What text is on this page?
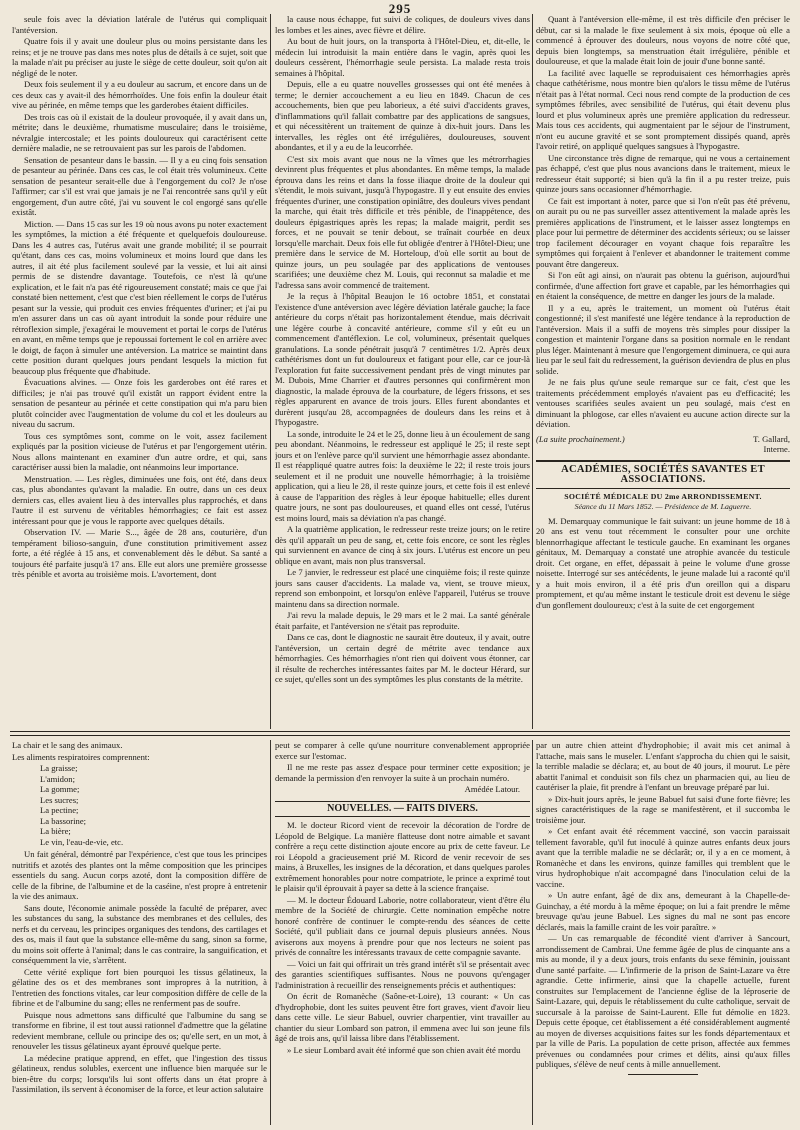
295

seule fois avec la déviation latérale de l'utérus qui compliquait l'antéversion.

Quatre fois il y avait une douleur plus ou moins persistante dans les reins; et je ne trouve pas dans mes notes plus de détails à ce sujet, soit que la malade n'ait pu préciser au juste le siège de cette douleur, soit qu'on ait négligé de le noter.

Deux fois seulement il y a eu douleur au sacrum, et encore dans un de ces deux cas y avait-il des hémorrhoïdes. Une fois enfin la douleur était vive au périnée, en même temps que les garderobes étaient difficiles.

Des trois cas où il existait de la douleur provoquée, il y avait dans un, métrite; dans le deuxième, rhumatisme musculaire; dans le troisième, névralgie intercostale; et les points douloureux qui caractérisent cette dernière maladie, ne se retrouvaient pas sur les parois de l'abdomen.

Sensation de pesanteur dans le bassin. — Il y a eu cinq fois sensation de pesanteur au périnée. Dans ces cas, le col était très volumineux. Cette sensation de pesanteur serait-elle due à l'engorgement du col? Je n'ose l'affirmer; car s'il est vrai que jamais je ne l'ai rencontrée sans qu'il y eût engorgement, d'un autre côté, j'ai vu souvent le col engorgé sans qu'elle existât.

Miction. — Dans 15 cas sur les 19 où nous avons pu noter exactement les symptômes, la miction a été fréquente et quelquefois douloureuse. Dans les 4 autres cas, l'utérus avait une grande mobilité; il se pourrait qu'étant, dans ces cas, moins volumineux et moins lourd que dans les autres, il ait été plus facilement soulevé par la vessie, et lui ait ainsi permis de se distendre davantage. Toutefois, ce n'est là qu'une explication, et le fait n'a pas été rigoureusement constaté; mais ce que j'ai constaté bien nettement, c'est que c'est bien réellement le corps de l'utérus pesant sur la vessie, qui produit ces envies fréquentes d'uriner; et j'ai pu m'en assurer dans un cas où ayant introduit la sonde pour réduire une rétroflexion simple, j'exagérai le mouvement et portai le corps de l'utérus en avant, en même temps que je repoussai fortement le col en arrière avec le doigt, de façon à simuler une antéversion. La matrice se maintint dans cette position durant quelques jours pendant lesquels la miction fut beaucoup plus fréquente que d'habitude.

Évacuations alvines. — Onze fois les garderobes ont été rares et difficiles; je n'ai pas trouvé qu'il existât un rapport évident entre la sensation de pesanteur au périnée et cette constipation qui m'a paru bien plutôt coïncider avec l'augmentation de volume du col et les douleurs au niveau du sacrum.

Tous ces symptômes sont, comme on le voit, assez facilement expliqués par la position vicieuse de l'utérus et par l'engorgement utérin. Nous allons maintenant en examiner d'un autre ordre, et qui, sans caractériser aussi bien la maladie, ont néanmoins leur importance.

Menstruation. — Les règles, diminuées une fois, ont été, dans deux cas, plus abondantes qu'avant la maladie. En outre, dans un ces deux derniers cas, elles avaient lieu à des intervalles plus rapprochés, et dans l'autre il est survenu de véritables hémorrhagies; ce fait est assez intéressant pour que je vous le rapporte avec quelques détails.

Observation IV. — Marie S..., âgée de 28 ans, couturière, d'un tempérament bilioso-sanguin, d'une constitution primitivement assez forte, a été réglée à 15 ans, et convenablement dès le début. Sa santé a toujours été parfaite jusqu'à 17 ans. Elle eut alors une première grossesse très pénible et avorta au troisième mois. L'avortement, dont

la cause nous échappe, fut suivi de coliques, de douleurs vives dans les lombes et les aines, avec fièvre et délire.

Au bout de huit jours, on la transporta à l'Hôtel-Dieu, et, dit-elle, le médecin lui introduisit la main entière dans le vagin, après quoi les douleurs cessèrent, l'hémorrhagie seule persista. La malade resta trois semaines à l'hôpital.

Depuis, elle a eu quatre nouvelles grossesses qui ont été menées à terme; le dernier accouchement a eu lieu en 1849. Chacun de ces accouchements, bien que peu laborieux, a été suivi d'accidents graves, d'inflammations qu'il fallait combattre par des applications de sangsues, et qui nécessitèrent un traitement de quinze à dix-huit jours. Dans les intervalles, les règles ont été irrégulières, douloureuses, souvent abondantes, et il y a eu de la leucorrhée.

C'est six mois avant que nous ne la vîmes que les métrorrhagies devinrent plus fréquentes et plus abondantes. En même temps, la malade éprouva dans les reins et dans la fosse iliaque droite de la douleur qui s'étendit, le mois suivant, jusqu'à l'hypogastre. Il y eut ensuite des envies fréquentes d'uriner, une constipation opiniâtre, des douleurs vives pendant la marche, qui était très difficile et très pénible, de l'inappétence, des douleurs épigastriques après les repas; la malade maigrit, perdit ses forces, et ne pouvait se tenir debout, se traînait courbée en deux lorsqu'elle marchait. Deux fois elle fut obligée d'entrer à l'Hôtel-Dieu; une première dans le service de M. Horteloup, d'où elle sortit au bout de quinze jours, un peu soulagée par des applications de ventouses scarifiées; une deuxième chez M. Louis, qui reconnut sa maladie et me l'adressa sans avoir commencé de traitement.

Je la reçus à l'hôpital Beaujon le 16 octobre 1851, et constatai l'existence d'une antéversion avec légère déviation latérale gauche; la face antérieure du corps n'était pas horizontalement étendue, mais décrivait une légère courbe à concavité antérieure, comme s'il y eût eu un commencement d'antéflexion. Le col, volumineux, présentait quelques granulations. La sonde pénétrait jusqu'à 7 centimètres 1/2. Après deux cathétérismes dont un fut douloureux et fatigant pour elle, car ce jour-là l'exploration fut faite successivement pendant près de vingt minutes par M. Dubois, Mme Charrier et d'autres personnes qui confirmèrent mon diagnostic, la malade éprouva de la courbature, de légers frissons, et ses règles apparurent en avance de trois jours. Elles furent abondantes et durèrent jusqu'au 28, accompagnées de douleurs dans les reins et à l'hypogastre.

La sonde, introduite le 24 et le 25, donne lieu à un écoulement de sang peu abondant. Néanmoins, le redresseur est appliqué le 25; il reste sept jours et on l'enlève parce qu'il survient une hémorrhagie assez abondante. Il est réappliqué quatre autres fois: la deuxième le 22; il reste trois jours seulement et il ne produit une nouvelle hémorrhagie; à la troisième application, qui a lieu le 28, il reste quinze jours, et cette fois il est enlevé à cause de l'apparition des règles à leur époque habituelle; elles durent quatre jours, ne sont pas douloureuses, et quand elles ont cessé, l'utérus est moins lourd, mais sa déviation n'a pas changé.

A la quatrième application, le redresseur reste treize jours; on le retire dès qu'il apparaît un peu de sang, et, cette fois encore, ce sont les règles qui surviennent en avance de cinq à six jours. L'utérus est encore un peu oblique en avant, mais non plus transversal.

Le 7 janvier, le redresseur est placé une cinquième fois; il reste quinze jours sans causer d'accidents. La malade va, vient, se trouve mieux, reprend son embonpoint, et lorsqu'on enlève l'appareil, l'utérus se trouve maintenu dans sa direction normale.

J'ai revu la malade depuis, le 29 mars et le 2 mai. La santé générale était parfaite, et l'antéversion ne s'était pas reproduite.

Dans ce cas, dont le diagnostic ne saurait être douteux, il y avait, outre l'antéversion, un certain degré de métrite avec tendance aux hémorrhagies. Ces hémorrhagies n'ont rien qui doivent vous étonner, car il résulte de recherches intéressantes faites par M. le docteur Hérard, sur ce sujet, qu'elles sont un des symptômes les plus constants de la métrite.

Quant à l'antéversion elle-même, il est très difficile d'en préciser le début, car si la malade le fixe seulement à six mois, époque où elle a commencé à éprouver des douleurs, nous voyons de notre côté que, depuis bien longtemps, sa menstruation était irrégulière, pénible et douloureuse, et que la malade était loin de jouir d'une bonne santé.

La facilité avec laquelle se reproduisaient ces hémorrhagies après chaque cathétérisme, nous montre bien qu'alors le tissu même de l'utérus n'était pas à l'état normal. Ceci nous rend compte de la production de ces symptômes fébriles, avec sensibilité de l'utérus, qui était devenu plus lourd et plus volumineux après une première application du redresseur. Mais tous ces accidents, qui augmentaient par le séjour de l'instrument, n'ont eu aucune gravité et se sont promptement dissipés quand, après l'avoir retiré, on appliqué quelques sangsues à l'hypogastre.

Une circonstance très digne de remarque, qui ne vous a certainement pas échappé, c'est que plus nous avancions dans le traitement, mieux le redresseur était supporté; si bien qu'à la fin il a pu rester treize, puis quinze jours sans occasionner d'hémorrhagie.

Ce fait est important à noter, parce que si l'on n'eût pas été prévenu, on aurait pu ou ne pas surveiller assez attentivement la malade après les premières applications de l'instrument, et le laisser assez longtemps en place pour lui permettre de déterminer des accidents sérieux; ou se laisser trop facilement décourager en voyant chaque fois reparaître les symptômes qui forçaient à l'enlever et abandonner le traitement comme pouvant être dangereux.

Si l'on eût agi ainsi, on n'aurait pas obtenu la guérison, aujourd'hui confirmée, d'une affection fort grave et capable, par les hémorrhagies qui en étaient la conséquence, de mettre en danger les jours de la malade.

Il y a eu, après le traitement, un moment où l'utérus était congestionné; il s'est manifesté une légère tendance à la reproduction de l'antéversion. Mais il a suffi de moyens très simples pour dissiper la congestion et maintenir l'organe dans sa position normale en le rendant plus léger. Maintenant à mesure que l'engorgement diminuera, ce qui aura lieu par le seul fait du redressement, la guérison deviendra de plus en plus solide.

Je ne fais plus qu'une seule remarque sur ce fait, c'est que les traitements précédemment employés n'avaient pas eu d'efficacité; les ventouses scarifiées seules avaient un peu soulagé, mais c'est en diminuant la phlogose, car elles n'avaient eu aucune action directe sur la déviation.

(La suite prochainement.)	T. Gallard,
Interne.
ACADÉMIES, SOCIÉTÉS SAVANTES ET ASSOCIATIONS.
SOCIÉTÉ MÉDICALE DU 2me ARRONDISSEMENT.
Séance du 11 Mars 1852. — Présidence de M. Laguerre.

M. Demarquay communique le fait suivant: un jeune homme de 18 à 20 ans est venu tout récemment le consulter pour une orchite blennorrhagique affectant le testicule gauche. En examinant les organes génitaux, M. Demarquay a constaté une atrophie avancée du testicule droit. Cet organe, en effet, dépassait à peine le volume d'une grosse noisette. Interrogé sur ses antécédents, le jeune malade lui a raconté qu'il y a huit mois environ, il a été pris d'un oreillon qui a disparu promptement, et qu'au même instant le testicule droit est devenu le siège d'un gonflement douloureux; c'est à la suite de cet engorgement

La chair et le sang des animaux.

Les aliments respiratoires comprennent:

La graisse;
L'amidon;
La gomme;
Les sucres;
La pectine;
La bassorine;
La bière;
Le vin, l'eau-de-vie, etc.

Un fait général, démontré par l'expérience, c'est que tous les principes nutritifs et azotés des plantes ont la même composition que les principes essentiels du sang. Aucun corps azoté, dont la composition diffère de celle de la fibrine, de l'albumine et de la caséine, n'est propre à entretenir la vie des animaux.

Sans doute, l'économie animale possède la faculté de préparer, avec les substances du sang, la substance des membranes et des cellules, des nerfs et du cerveau, les principes organiques des tendons, des cartilages et des os, mais il faut que la substance elle-même du sang, sinon sa forme, du moins soit offerte à l'animal; dans le cas contraire, la sanguification, et conséquemment la vie, s'arrêtent.

Cette vérité explique fort bien pourquoi les tissus gélatineux, la gélatine des os et des membranes sont impropres à la nutrition, à l'entretien des fonctions vitales, car leur composition diffère de celle de la fibrine et de l'albumine du sang; elles ne renferment pas de soufre.

Puisque nous admettons sans difficulté que l'albumine du sang se transforme en fibrine, il est tout aussi rationnel d'admettre que la gélatine redevient membrane, cellule ou principe des os; qu'elle sert, en un mot, à renouveler les tissus gélatineux ayant éprouvé quelque perte.

La médecine pratique apprend, en effet, que l'ingestion des tissus gélatineux, rendus solubles, exercent une influence bien marquée sur le bien-être du corps; lorsqu'ils lui sont offerts dans un état propre à l'assimilation, ils servent à économiser de la force, et leur action salutaire

peut se comparer à celle qu'une nourriture convenablement appropriée exerce sur l'estomac.

Il ne me reste pas assez d'espace pour terminer cette exposition; je demande la permission d'en renvoyer la suite à un prochain numéro.

Amédée Latour.
NOUVELLES. — FAITS DIVERS.

M. le docteur Ricord vient de recevoir la décoration de l'ordre de Léopold de Belgique. La manière flatteuse dont notre aimable et savant confrère a reçu cette distinction ajoute encore au prix de cette faveur. Le roi Léopold a gracieusement prié M. Ricord de venir recevoir de ses mains, à Bruxelles, les insignes de la décoration, et dans quelques paroles extrêmement honorables pour notre compatriote, le prince a exprimé tout le plaisir qu'il éprouvait à payer sa dette à la science française.

— M. le docteur Édouard Laborie, notre collaborateur, vient d'être élu membre de la Société de chirurgie. Cette nomination empêche notre honoré confrère de continuer le compte-rendu des séances de cette Société, qu'il publiait dans ce journal depuis plusieurs années. Nous aviserons aux moyens à prendre pour que nos lecteurs ne soient pas privés de connaître les intéressants travaux de cette compagnie savante.

— Voici un fait qui offrirait un très grand intérêt s'il se présentait avec des garanties scientifiques suffisantes. Nous ne pouvons qu'engager l'administration à recueillir des renseignements précis et authentiques:

On écrit de Romanèche (Saône-et-Loire), 13 courant: « Un cas d'hydrophobie, dont les suites peuvent être fort graves, vient d'avoir lieu dans cette ville. Le sieur Babuel, ouvrier charpentier, vint travailler au chantier du sieur Lombard son patron, il emmena avec lui son jeune fils âgé de trois ans, qu'il laissa libre dans l'établissement.

» Le sieur Lombard avait été informé que son chien avait été mordu

par un autre chien atteint d'hydrophobie; il avait mis cet animal à l'attache, mais sans le museler. L'enfant s'approcha du chien qui le saisit, la terrible maladie se déclara; et, au bout de 40 jours, il mourut. Le père abattit l'animal et conduisit son fils chez un pharmacien qui, au lieu de cautériser la plaie, fit prendre à l'enfant un breuvage préparé par lui.

» Dix-huit jours après, le jeune Babuel fut saisi d'une forte fièvre; les signes caractéristiques de la rage se manifestèrent, et il succomba le troisième jour.

» Cet enfant avait été récemment vacciné, son vaccin paraissait tellement favorable, qu'il fut inoculé à quinze autres enfants deux jours avant que la terrible maladie ne se déclarât; or, il y a en ce moment, à Romanèche et dans les environs, quinze familles qui tremblent que le virus hydrophobique n'ait accompagné dans l'inoculation celui de la vaccine.

» Un autre enfant, âgé de dix ans, demeurant à la Chapelle-de-Guinchay, a été mordu à la même époque; on lui a fait prendre le même breuvage qu'au jeune Babuel. Les signes du mal ne sont pas encore déclarés, mais la famille craint de les voir paraître. »

— Un cas remarquable de fécondité vient d'arriver à Sancourt, arrondissement de Cambrai. Une femme âgée de plus de cinquante ans a mis au monde, il y a deux jours, trois enfants du sexe féminin, jouissant d'une santé parfaite. — L'infirmerie de la prison de Saint-Lazare va être agrandie. Cette infirmerie, ainsi que la chapelle actuelle, furent construites sur l'emplacement de l'ancienne église de la léproserie de Saint-Lazare, qui, depuis le rétablissement du culte catholique, servait de succursale à la paroisse de Saint-Laurent. Elle fut démolie en 1823. Depuis cette époque, cet établissement a été considérablement augmenté au moyen de diverses acquisitions faites sur les fonds départementaux et par la ville de Paris. La population de cette prison, affectée aux femmes prévenues ou condamnées pour crimes et délits, ainsi qu'aux filles publiques, s'élève de neuf cents à mille annuellement.
